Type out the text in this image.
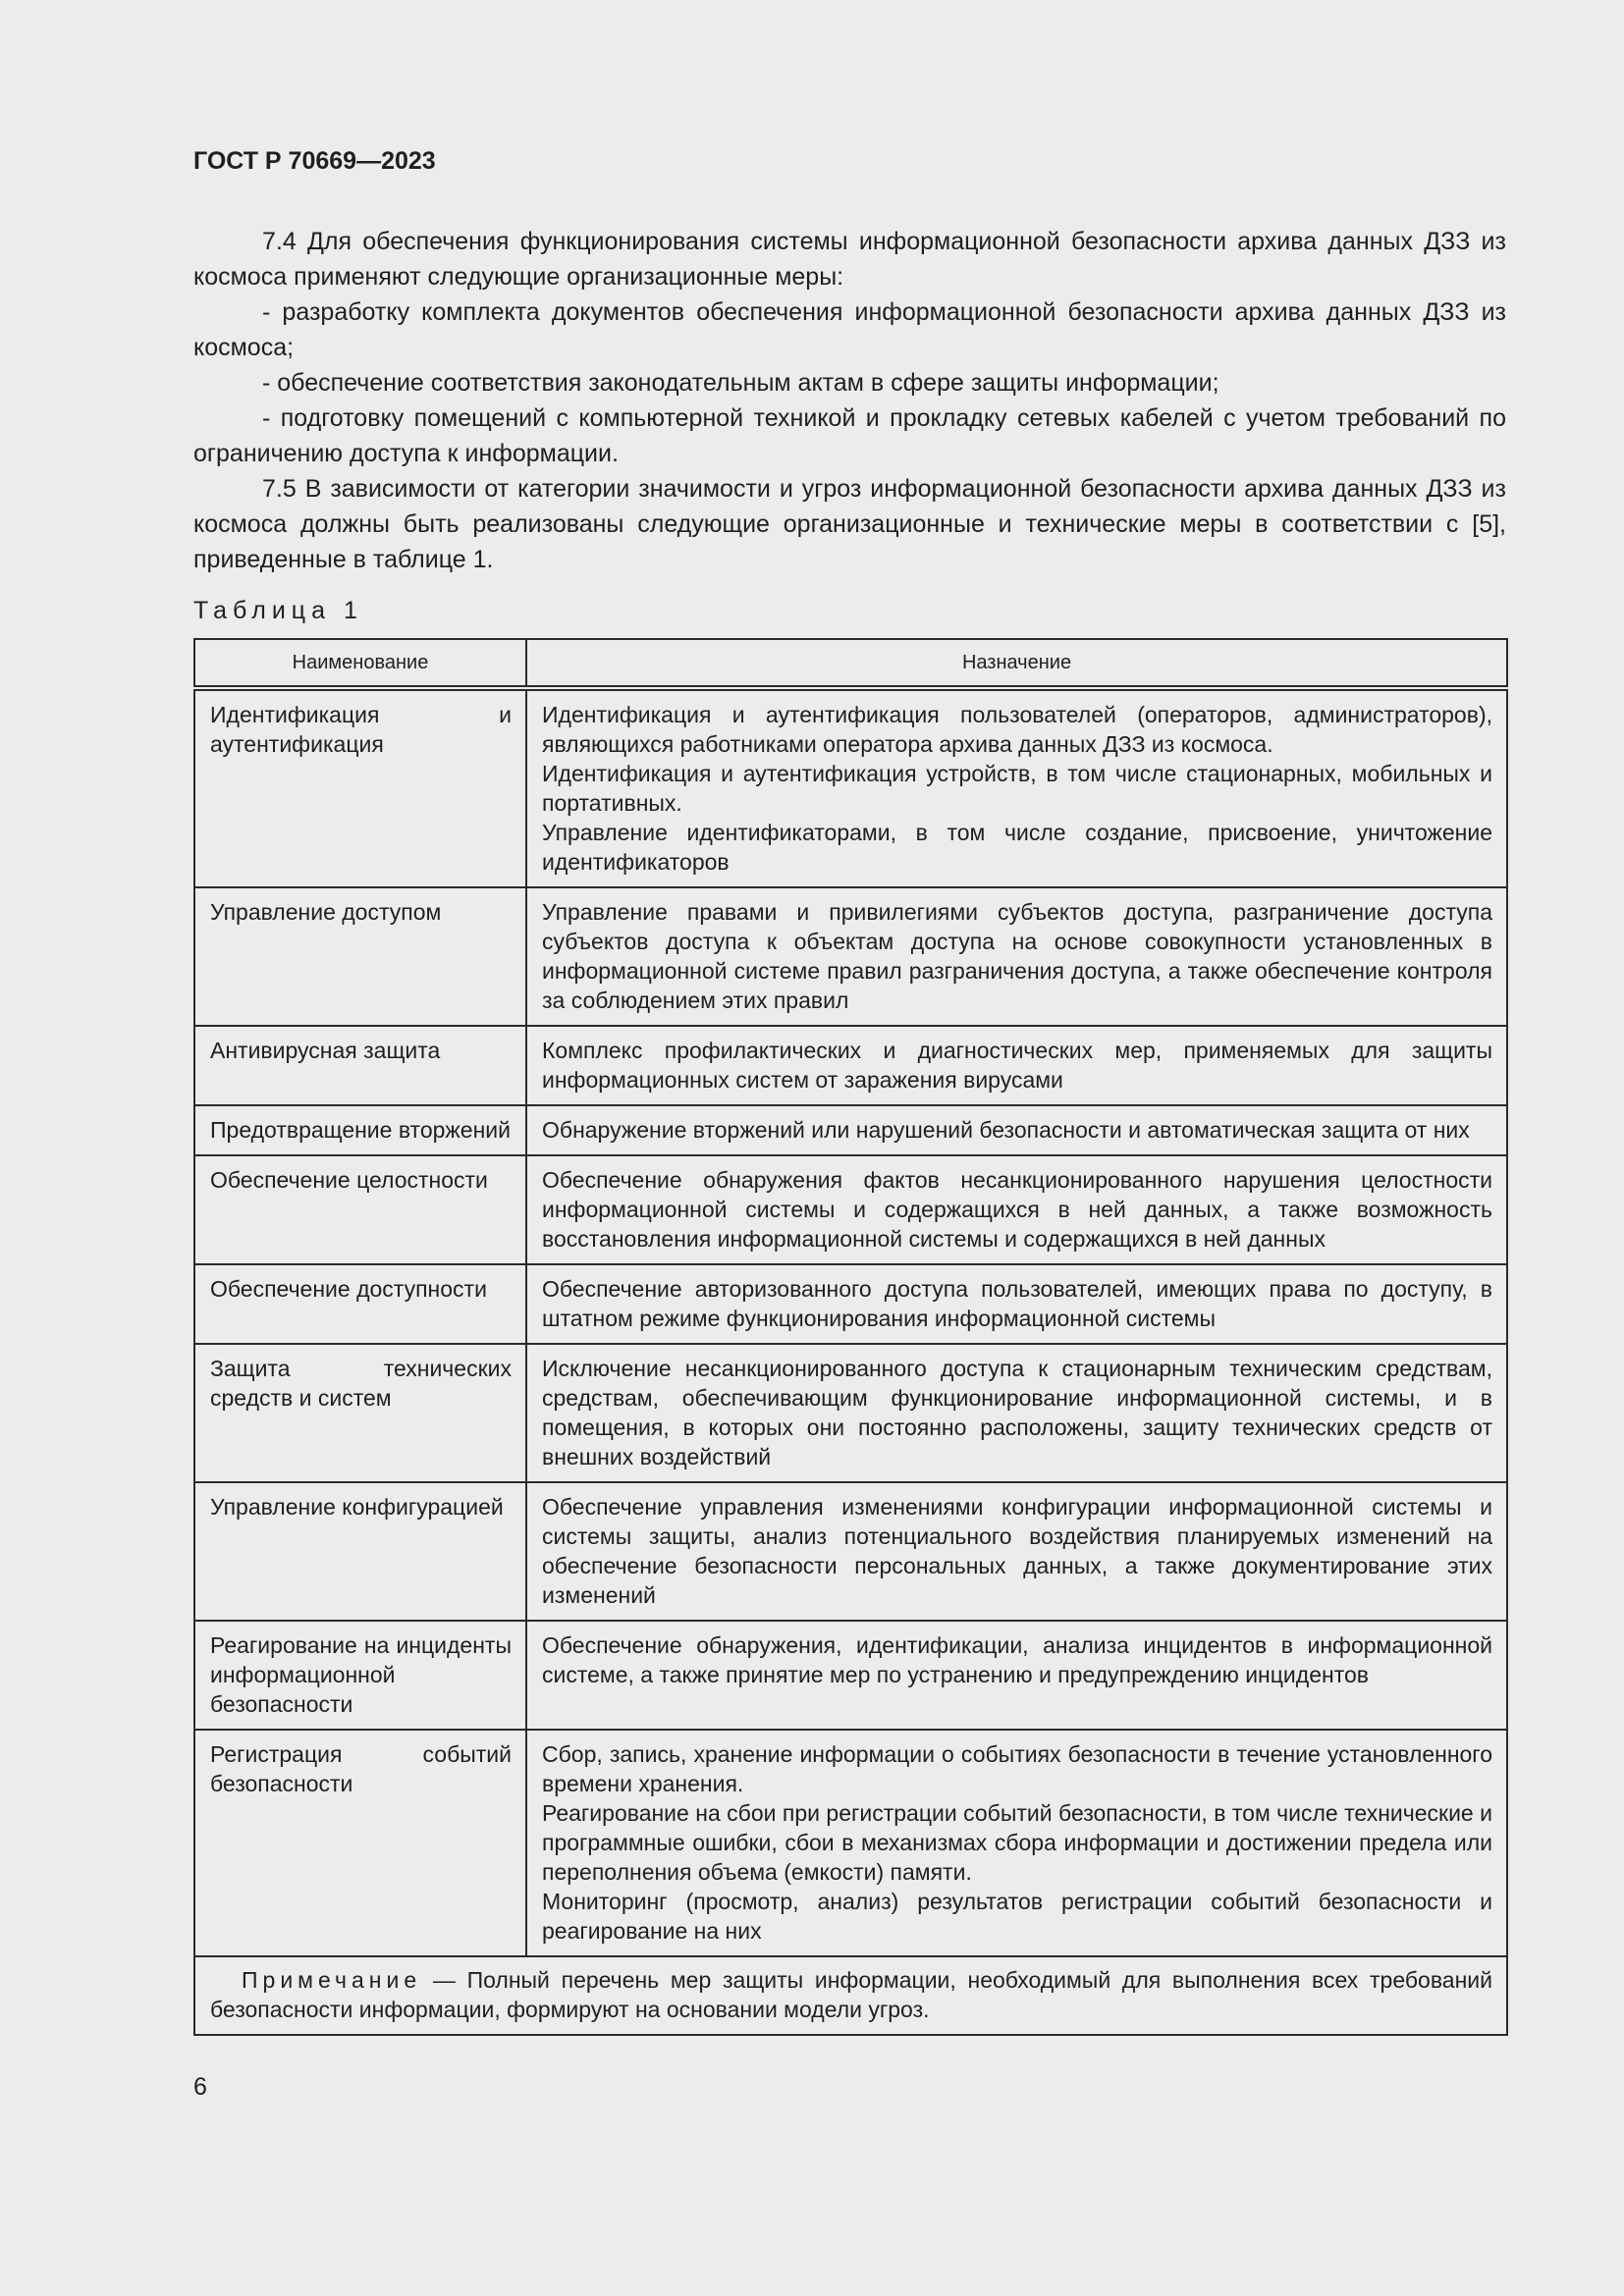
ГОСТ Р 70669—2023

7.4 Для обеспечения функционирования системы информационной безопасности архива данных ДЗЗ из космоса применяют следующие организационные меры:

- разработку комплекта документов обеспечения информационной безопасности архива данных ДЗЗ из космоса;

- обеспечение соответствия законодательным актам в сфере защиты информации;

- подготовку помещений с компьютерной техникой и прокладку сетевых кабелей с учетом требований по ограничению доступа к информации.

7.5 В зависимости от категории значимости и угроз информационной безопасности архива данных ДЗЗ из космоса должны быть реализованы следующие организационные и технические меры в соответствии с [5], приведенные в таблице 1.

Таблица 1
Наименование	Назначение
Идентификация и аутентификация	Идентификация и аутентификация пользователей (операторов, администраторов), являющихся работниками оператора архива данных ДЗЗ из космоса.
Идентификация и аутентификация устройств, в том числе стационарных, мобильных и портативных.
Управление идентификаторами, в том числе создание, присвоение, уничтожение идентификаторов

Управление доступом	Управление правами и привилегиями субъектов доступа, разграничение доступа субъектов доступа к объектам доступа на основе совокупности установленных в информационной системе правил разграничения доступа, а также обеспечение контроля за соблюдением этих правил

Антивирусная защита	Комплекс профилактических и диагностических мер, применяемых для защиты информационных систем от заражения вирусами

Предотвращение вторжений	Обнаружение вторжений или нарушений безопасности и автоматическая защита от них

Обеспечение целостности	Обеспечение обнаружения фактов несанкционированного нарушения целостности информационной системы и содержащихся в ней данных, а также возможность восстановления информационной системы и содержащихся в ней данных

Обеспечение доступности	Обеспечение авторизованного доступа пользователей, имеющих права по доступу, в штатном режиме функционирования информационной системы

Защита технических средств и систем	Исключение несанкционированного доступа к стационарным техническим средствам, средствам, обеспечивающим функционирование информационной системы, и в помещения, в которых они постоянно расположены, защиту технических средств от внешних воздействий

Управление конфигурацией	Обеспечение управления изменениями конфигурации информационной системы и системы защиты, анализ потенциального воздействия планируемых изменений на обеспечение безопасности персональных данных, а также документирование этих изменений

Реагирование на инциденты информационной безопасности	Обеспечение обнаружения, идентификации, анализа инцидентов в информационной системе, а также принятие мер по устранению и предупреждению инцидентов

Регистрация событий безопасности	Сбор, запись, хранение информации о событиях безопасности в течение установленного времени хранения.
Реагирование на сбои при регистрации событий безопасности, в том числе технические и программные ошибки, сбои в механизмах сбора информации и достижении предела или переполнения объема (емкости) памяти.
Мониторинг (просмотр, анализ) результатов регистрации событий безопасности и реагирование на них

Примечание — Полный перечень мер защиты информации, необходимый для выполнения всех требований безопасности информации, формируют на основании модели угроз.	
6
